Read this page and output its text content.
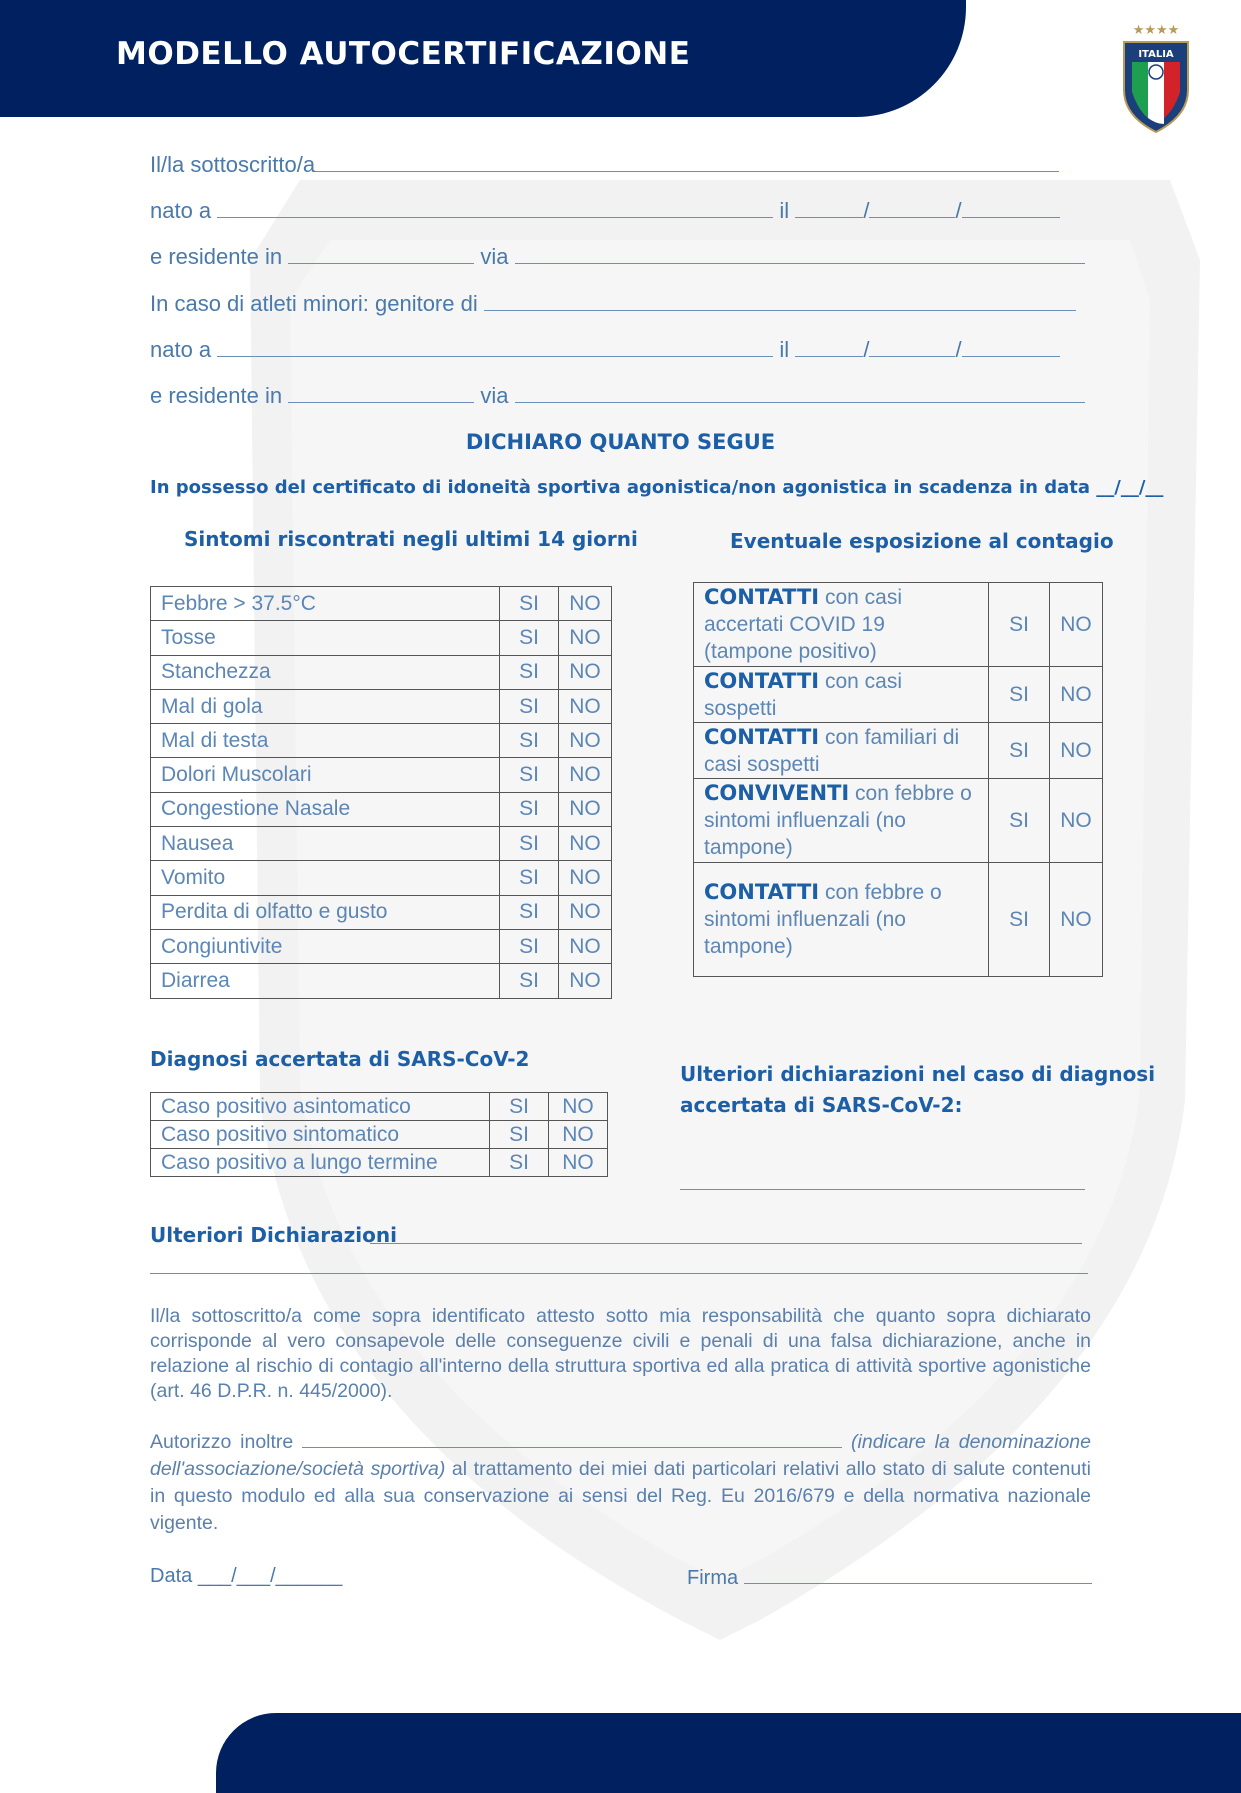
MODELLO AUTOCERTIFICAZIONE
★★★★
ITALIA
Il/la sottoscritto/a
nato a	il	/	/
e residente in	via
In caso di atleti minori: genitore di
nato a	il	/	/
e residente in	via
DICHIARO QUANTO SEGUE
In possesso del certificato di idoneità sportiva agonistica/non agonistica in scadenza in data __/__/__
Sintomi riscontrati negli ultimi 14 giorni
Febbre > 37.5°C	SI	NO
Tosse	SI	NO
Stanchezza	SI	NO
Mal di gola	SI	NO
Mal di testa	SI	NO
Dolori Muscolari	SI	NO
Congestione Nasale	SI	NO
Nausea	SI	NO
Vomito	SI	NO
Perdita di olfatto e gusto	SI	NO
Congiuntivite	SI	NO
Diarrea	SI	NO
Eventuale esposizione al contagio
CONTATTI con casi accertati COVID 19 (tampone positivo)	SI	NO
CONTATTI con casi sospetti	SI	NO
CONTATTI con familiari di casi sospetti	SI	NO
CONVIVENTI con febbre o sintomi influenzali (no tampone)	SI	NO
CONTATTI con febbre o sintomi influenzali (no tampone)	SI	NO
Diagnosi accertata di SARS-CoV-2
Caso positivo asintomatico	SI	NO
Caso positivo sintomatico	SI	NO
Caso positivo a lungo termine	SI	NO
Ulteriori dichiarazioni nel caso di diagnosi
accertata di SARS-CoV-2:
Ulteriori Dichiarazioni
Il/la sottoscritto/a come sopra identificato attesto sotto mia responsabilità che quanto sopra dichiarato corrisponde al vero consapevole delle conseguenze civili e penali di una falsa dichiarazione, anche in relazione al rischio di contagio all'interno della struttura sportiva ed alla pratica di attività sportive agonistiche (art. 46 D.P.R. n. 445/2000).
Autorizzo inoltre	(indicare la denominazione dell'associazione/società sportiva) al trattamento dei miei dati particolari relativi allo stato di salute contenuti in questo modulo ed alla sua conservazione ai sensi del Reg. Eu 2016/679 e della normativa nazionale vigente.
Data ___/___/______	Firma
